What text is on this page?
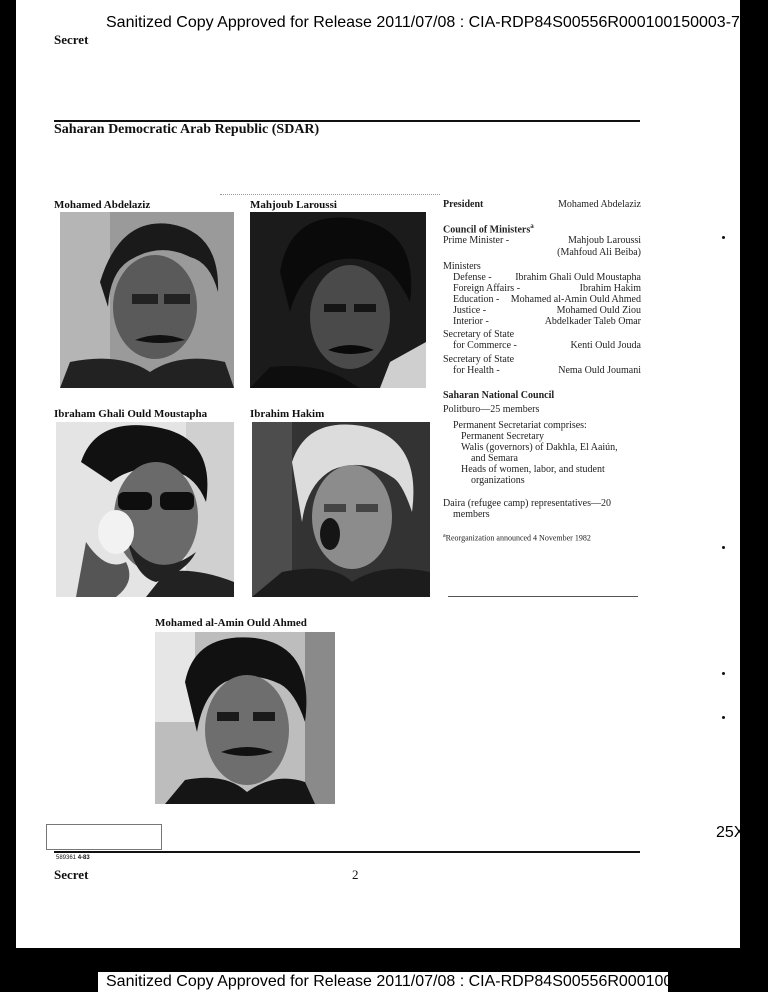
Sanitized Copy Approved for Release 2011/07/08 : CIA-RDP84S00556R000100150003-7
Secret
Saharan Democratic Arab Republic (SDAR)
Mohamed Abdelaziz	Mahjoub Laroussi
Ibraham Ghali Ould Moustapha	Ibrahim Hakim
Mohamed al-Amin Ould Ahmed
President	Mohamed Abdelaziz
Council of Ministers$^a$
Prime Minister -	Mahjoub Laroussi
(Mahfoud Ali Beiba)
Ministers
Defense - Ibrahim Ghali Ould Moustapha
Foreign Affairs -	Ibrahim Hakim
Education - Mohamed al-Amin Ould Ahmed
Justice -	Mohamed Ould Ziou
Interior -	Abdelkader Taleb Omar
Secretary of State
for Commerce -	Kenti Ould Jouda
Secretary of State
for Health -	Nema Ould Joumani
Saharan National Council
Politburo—25 members
Permanent Secretariat comprises:
Permanent Secretary
Walis (governors) of Dakhla, El Aaiún,
and Semara
Heads of women, labor, and student
organizations
Daira (refugee camp) representatives—20
members
$^a$Reorganization announced 4 November 1982
25X1
589361 4-83
Secret	2
Sanitized Copy Approved for Release 2011/07/08 : CIA-RDP84S00556R000100150003-7
